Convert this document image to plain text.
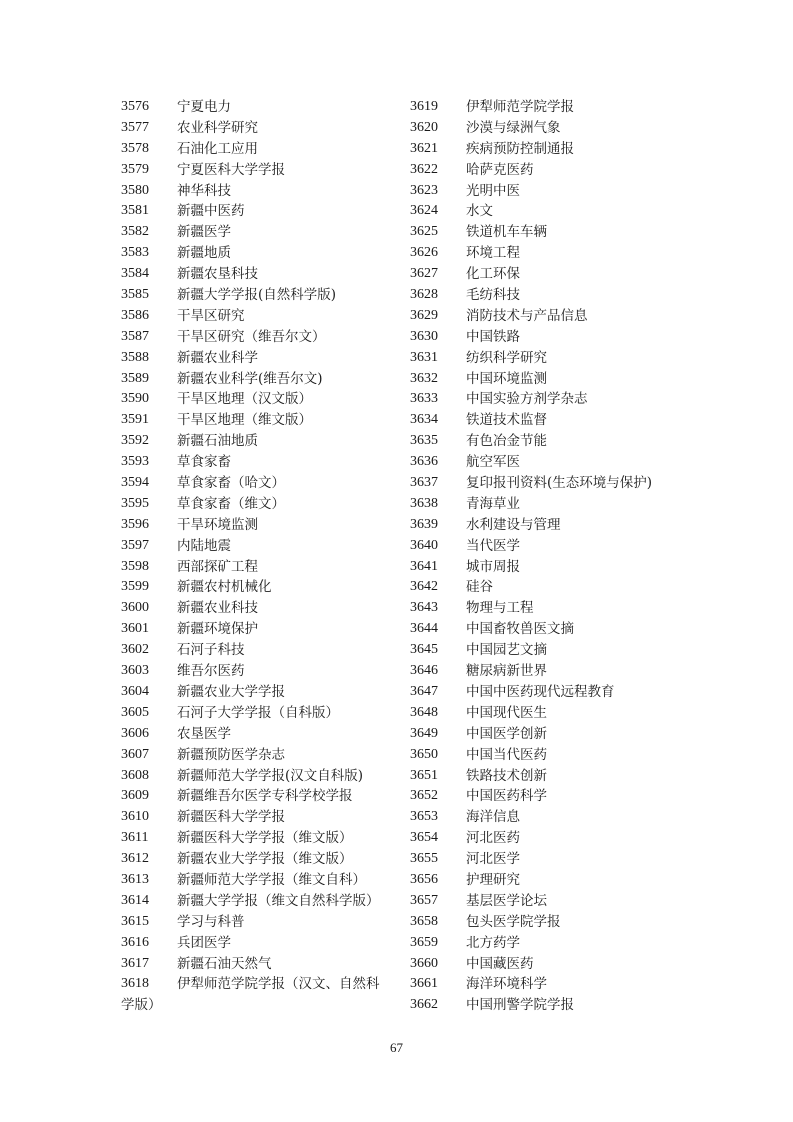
3576	宁夏电力
3577	农业科学研究
3578	石油化工应用
3579	宁夏医科大学学报
3580	神华科技
3581	新疆中医药
3582	新疆医学
3583	新疆地质
3584	新疆农垦科技
3585	新疆大学学报(自然科学版)
3586	干旱区研究
3587	干旱区研究（维吾尔文）
3588	新疆农业科学
3589	新疆农业科学(维吾尔文)
3590	干旱区地理（汉文版）
3591	干旱区地理（维文版）
3592	新疆石油地质
3593	草食家畜
3594	草食家畜（哈文）
3595	草食家畜（维文）
3596	干旱环境监测
3597	内陆地震
3598	西部探矿工程
3599	新疆农村机械化
3600	新疆农业科技
3601	新疆环境保护
3602	石河子科技
3603	维吾尔医药
3604	新疆农业大学学报
3605	石河子大学学报（自科版）
3606	农垦医学
3607	新疆预防医学杂志
3608	新疆师范大学学报(汉文自科版)
3609	新疆维吾尔医学专科学校学报
3610	新疆医科大学学报
3611	新疆医科大学学报（维文版）
3612	新疆农业大学学报（维文版）
3613	新疆师范大学学报（维文自科）
3614	新疆大学学报（维文自然科学版）
3615	学习与科普
3616	兵团医学
3617	新疆石油天然气
3618	伊犁师范学院学报（汉文、自然科
学版）
3619	伊犁师范学院学报
3620	沙漠与绿洲气象
3621	疾病预防控制通报
3622	哈萨克医药
3623	光明中医
3624	水文
3625	铁道机车车辆
3626	环境工程
3627	化工环保
3628	毛纺科技
3629	消防技术与产品信息
3630	中国铁路
3631	纺织科学研究
3632	中国环境监测
3633	中国实验方剂学杂志
3634	铁道技术监督
3635	有色冶金节能
3636	航空军医
3637	复印报刊资料(生态环境与保护)
3638	青海草业
3639	水利建设与管理
3640	当代医学
3641	城市周报
3642	硅谷
3643	物理与工程
3644	中国畜牧兽医文摘
3645	中国园艺文摘
3646	糖尿病新世界
3647	中国中医药现代远程教育
3648	中国现代医生
3649	中国医学创新
3650	中国当代医药
3651	铁路技术创新
3652	中国医药科学
3653	海洋信息
3654	河北医药
3655	河北医学
3656	护理研究
3657	基层医学论坛
3658	包头医学院学报
3659	北方药学
3660	中国藏医药
3661	海洋环境科学
3662	中国刑警学院学报
67
